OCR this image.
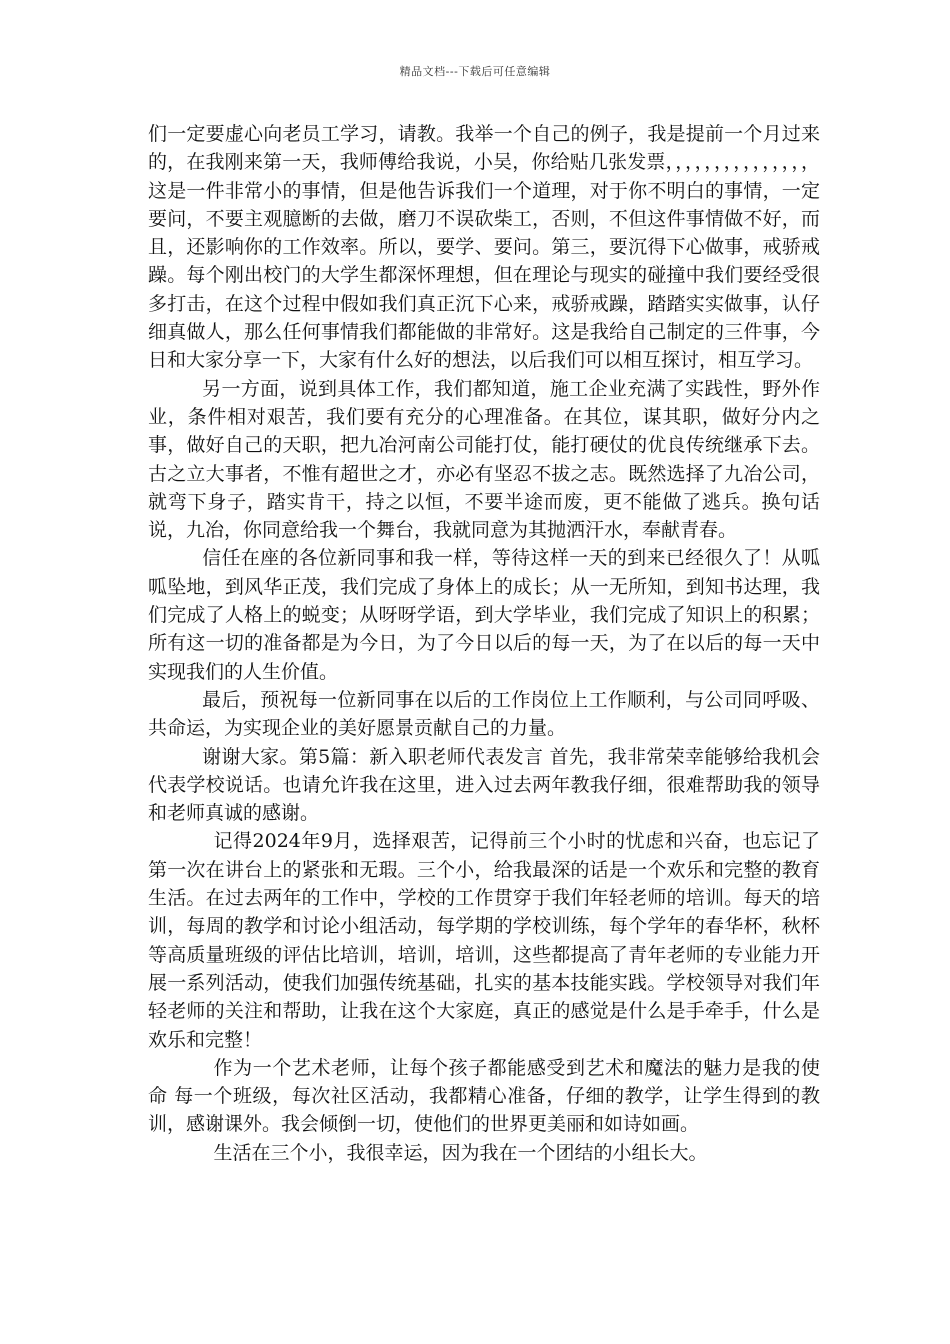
精品文档---下载后可任意编辑

们一定要虚心向老员工学习，请教。我举一个自己的例子，我是提前一个月过来的，在我刚来第一天，我师傅给我说，小吴，你给贴几张发票，，，，，，，，，，，，，，，这是一件非常小的事情，但是他告诉我们一个道理，对于你不明白的事情，一定要问，不要主观臆断的去做，磨刀不误砍柴工，否则，不但这件事情做不好，而且，还影响你的工作效率。所以，要学、要问。第三，要沉得下心做事，戒骄戒躁。每个刚出校门的大学生都深怀理想，但在理论与现实的碰撞中我们要经受很多打击，在这个过程中假如我们真正沉下心来，戒骄戒躁，踏踏实实做事，认仔细真做人，那么任何事情我们都能做的非常好。这是我给自己制定的三件事，今日和大家分享一下，大家有什么好的想法，以后我们可以相互探讨，相互学习。

另一方面，说到具体工作，我们都知道，施工企业充满了实践性，野外作业，条件相对艰苦，我们要有充分的心理准备。在其位，谋其职，做好分内之事，做好自己的天职，把九冶河南公司能打仗，能打硬仗的优良传统继承下去。古之立大事者，不惟有超世之才，亦必有坚忍不拔之志。既然选择了九冶公司，就弯下身子，踏实肯干，持之以恒，不要半途而废，更不能做了逃兵。换句话说，九冶，你同意给我一个舞台，我就同意为其抛洒汗水，奉献青春。

信任在座的各位新同事和我一样，等待这样一天的到来已经很久了！从呱呱坠地，到风华正茂，我们完成了身体上的成长；从一无所知，到知书达理，我们完成了人格上的蜕变；从呀呀学语，到大学毕业，我们完成了知识上的积累；所有这一切的准备都是为今日，为了今日以后的每一天，为了在以后的每一天中实现我们的人生价值。

最后，预祝每一位新同事在以后的工作岗位上工作顺利，与公司同呼吸、共命运，为实现企业的美好愿景贡献自己的力量。

谢谢大家。第5篇：新入职老师代表发言 首先，我非常荣幸能够给我机会代表学校说话。也请允许我在这里，进入过去两年教我仔细，很难帮助我的领导和老师真诚的感谢。

记得2024年9月，选择艰苦，记得前三个小时的忧虑和兴奋，也忘记了第一次在讲台上的紧张和无瑕。三个小，给我最深的话是一个欢乐和完整的教育生活。在过去两年的工作中，学校的工作贯穿于我们年轻老师的培训。每天的培训，每周的教学和讨论小组活动，每学期的学校训练，每个学年的春华杯，秋杯等高质量班级的评估比培训，培训，培训，这些都提高了青年老师的专业能力开展一系列活动，使我们加强传统基础，扎实的基本技能实践。学校领导对我们年轻老师的关注和帮助，让我在这个大家庭，真正的感觉是什么是手牵手，什么是欢乐和完整！

作为一个艺术老师，让每个孩子都能感受到艺术和魔法的魅力是我的使命 每一个班级，每次社区活动，我都精心准备，仔细的教学，让学生得到的教训，感谢课外。我会倾倒一切，使他们的世界更美丽和如诗如画。

生活在三个小，我很幸运，因为我在一个团结的小组长大。
